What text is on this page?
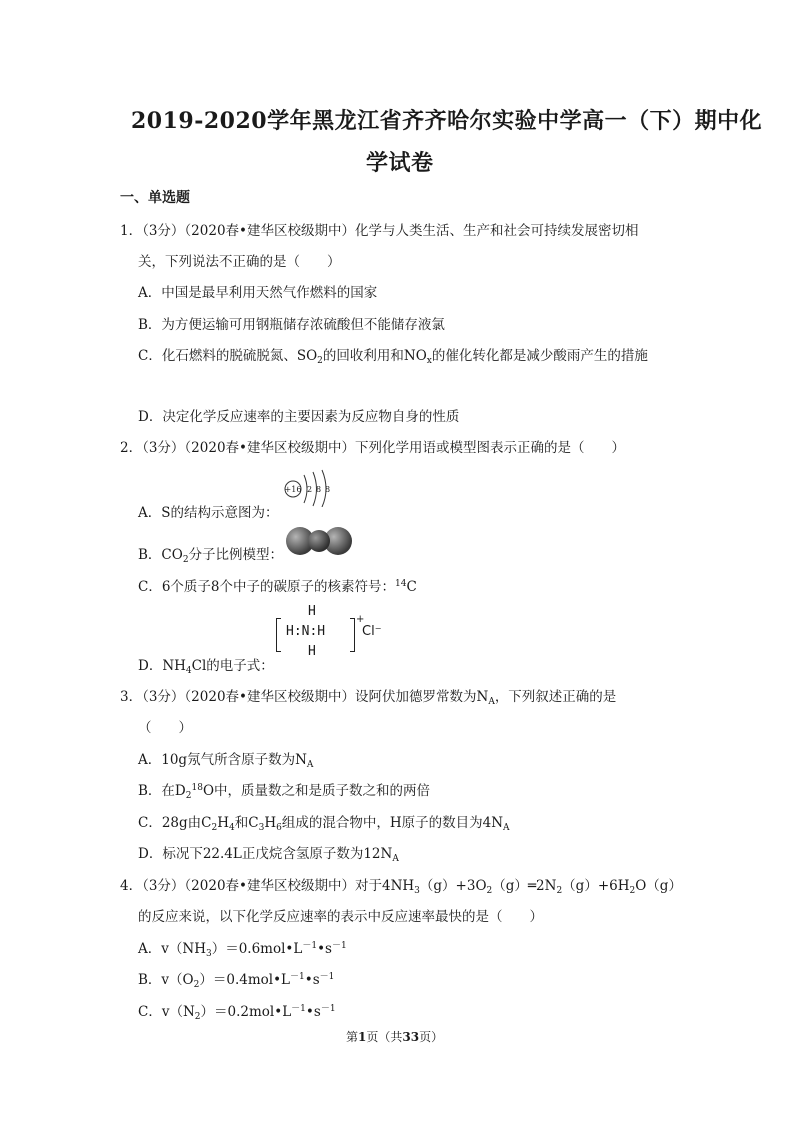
2019-2020学年黑龙江省齐齐哈尔实验中学高一（下）期中化
学试卷
一、单选题
1．（3分）（2020春•建华区校级期中）化学与人类生活、生产和社会可持续发展密切相
关，下列说法不正确的是（　　）
A．中国是最早利用天然气作燃料的国家
B．为方便运输可用钢瓶储存浓硫酸但不能储存液氯
C．化石燃料的脱硫脱氮、$SO_2$的回收利用和$NO_x$的催化转化都是减少酸雨产生的措施
D．决定化学反应速率的主要因素为反应物自身的性质
2．（3分）（2020春•建华区校级期中）下列化学用语或模型图表示正确的是（　　）
A．S的结构示意图为：
+16 2 8 8
B．$CO_2$分子比例模型：
C．6个质子8个中子的碳原子的核素符号：$^{14}$C
D．$NH_4Cl$的电子式：
H
H:N:H
H
+
Cl⁻
3．（3分）（2020春•建华区校级期中）设阿伏加德罗常数为$N_A$，下列叙述正确的是
（　　）
A．10g氖气所含原子数为$N_A$
B．在$D_2^{18}O$中，质量数之和是质子数之和的两倍
C．28g由$C_2H_4$和$C_3H_6$组成的混合物中，H原子的数目为$4N_A$
D．标况下22.4L正戊烷含氢原子数为$12N_A$
4．（3分）（2020春•建华区校级期中）对于$4NH_3(g)+3O_2(g)═2N_2(g)+6H_2O(g)$
的反应来说，以下化学反应速率的表示中反应速率最快的是（　　）
A．$v(NH_3)=0.6mol•L^{-1}•s^{-1}$
B．$v(O_2)=0.4mol•L^{-1}•s^{-1}$
C．$v(N_2)=0.2mol•L^{-1}•s^{-1}$
第1页（共33页）
